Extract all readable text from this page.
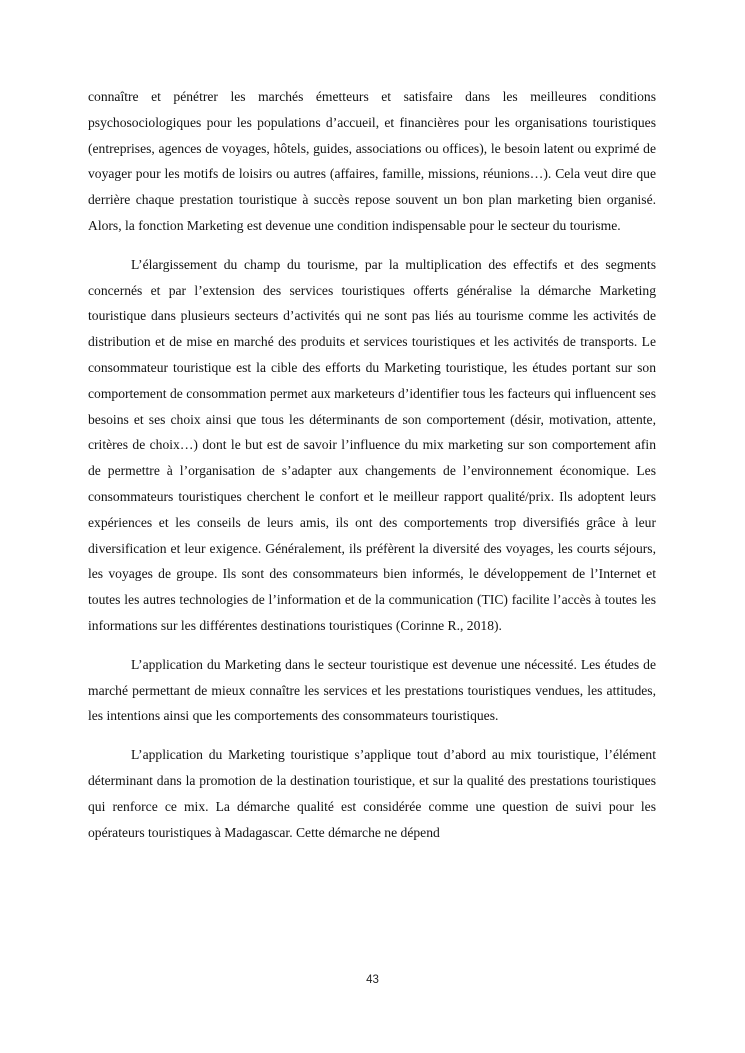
connaître et pénétrer les marchés émetteurs et satisfaire dans les meilleures conditions psychosociologiques pour les populations d’accueil, et financières pour les organisations touristiques (entreprises, agences de voyages, hôtels, guides, associations ou offices), le besoin latent ou exprimé de voyager pour les motifs de loisirs ou autres (affaires, famille, missions, réunions…). Cela veut dire que derrière chaque prestation touristique à succès repose souvent un bon plan marketing bien organisé. Alors, la fonction Marketing est devenue une condition indispensable pour le secteur du tourisme.

L’élargissement du champ du tourisme, par la multiplication des effectifs et des segments concernés et par l’extension des services touristiques offerts généralise la démarche Marketing touristique dans plusieurs secteurs d’activités qui ne sont pas liés au tourisme comme les activités de distribution et de mise en marché des produits et services touristiques et les activités de transports. Le consommateur touristique est la cible des efforts du Marketing touristique, les études portant sur son comportement de consommation permet aux marketeurs d’identifier tous les facteurs qui influencent ses besoins et ses choix ainsi que tous les déterminants de son comportement (désir, motivation, attente, critères de choix…) dont le but est de savoir l’influence du mix marketing sur son comportement afin de permettre à l’organisation de s’adapter aux changements de l’environnement économique. Les consommateurs touristiques cherchent le confort et le meilleur rapport qualité/prix. Ils adoptent leurs expériences et les conseils de leurs amis, ils ont des comportements trop diversifiés grâce à leur diversification et leur exigence. Généralement, ils préfèrent la diversité des voyages, les courts séjours, les voyages de groupe. Ils sont des consommateurs bien informés, le développement de l’Internet et toutes les autres technologies de l’information et de la communication (TIC) facilite l’accès à toutes les informations sur les différentes destinations touristiques (Corinne R., 2018).

L’application du Marketing dans le secteur touristique est devenue une nécessité. Les études de marché permettant de mieux connaître les services et les prestations touristiques vendues, les attitudes, les intentions ainsi que les comportements des consommateurs touristiques.

L’application du Marketing touristique s’applique tout d’abord au mix touristique, l’élément déterminant dans la promotion de la destination touristique, et sur la qualité des prestations touristiques qui renforce ce mix. La démarche qualité est considérée comme une question de suivi pour les opérateurs touristiques à Madagascar. Cette démarche ne dépend

43
